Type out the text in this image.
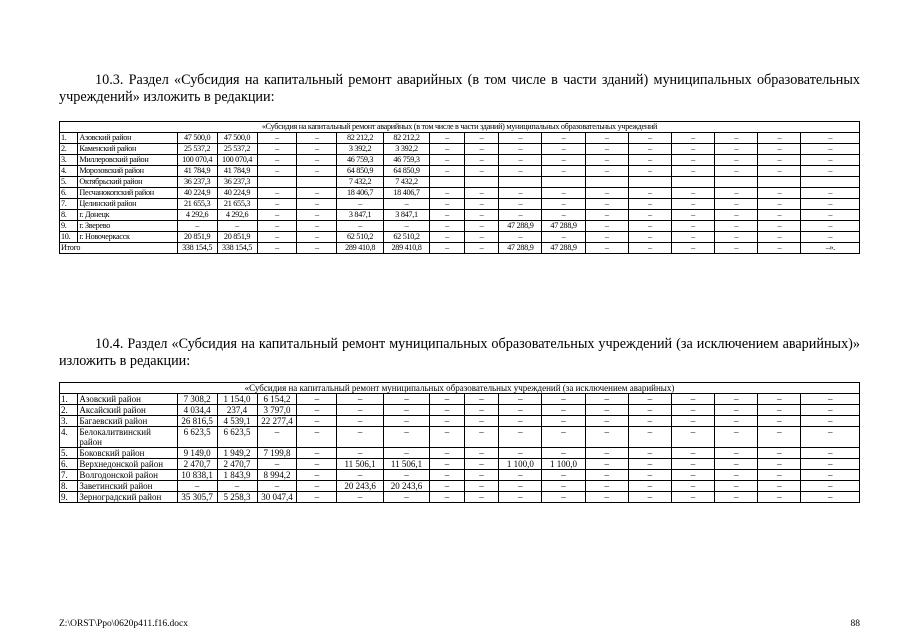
10.3. Раздел «Субсидия на капитальный ремонт аварийных (в том числе в части зданий) муниципальных образовательных учреждений» изложить в редакции:

«Субсидия на капитальный ремонт аварийных (в том числе в части зданий) муниципальных образовательных учреждений																	
1.	Азовский район	47 500,0	47 500,0	–	–	82 212,2	82 212,2	–	–	–	–	–	–	–	–	–	–
2.	Каменский район	25 537,2	25 537,2	–	–	3 392,2	3 392,2	–	–	–	–	–	–	–	–	–	–
3.	Миллеровский район	100 070,4	100 070,4	–	–	46 759,3	46 759,3	–	–	–	–	–	–	–	–	–	–
4.	Морозовский район	41 784,9	41 784,9	–	–	64 850,9	64 850,9	–	–	–	–	–	–	–	–	–	–
5.	Октябрьский район	36 237,3	36 237,3			7 432,2	7 432,2										
6.	Песчанокопский район	40 224,9	40 224,9	–	–	18 406,7	18 406,7	–	–	–	–	–	–	–	–	–	–
7.	Целинский район	21 655,3	21 655,3	–	–	–	–	–	–	–	–	–	–	–	–	–	–
8.	г. Донецк	4 292,6	4 292,6	–	–	3 847,1	3 847,1	–	–	–	–	–	–	–	–	–	–
9.	г. Зверево	–	–	–	–	–	–	–	–	47 288,9	47 288,9	–	–	–	–	–	–
10.	г. Новочеркасск	20 851,9	20 851,9	–	–	62 510,2	62 510,2	–	–	–	–	–	–	–	–	–	–
Итого		338 154,5	338 154,5	–	–	289 410,8	289 410,8	–	–	47 288,9	47 288,9	–	–	–	–	–	–».

10.4. Раздел «Субсидия на капитальный ремонт муниципальных образовательных учреждений (за исключением аварийных)» изложить в редакции:

«Субсидия на капитальный ремонт муниципальных образовательных учреждений (за исключением аварийных)																	
1.	Азовский район	7 308,2	1 154,0	6 154,2	–	–	–	–	–	–	–	–	–	–	–	–	–
2.	Аксайский район	4 034,4	237,4	3 797,0	–	–	–	–	–	–	–	–	–	–	–	–	–
3.	Багаевский район	26 816,5	4 539,1	22 277,4	–	–	–	–	–	–	–	–	–	–	–	–	–
4.	Белокалитвинский район	6 623,5	6 623,5	–	–	–	–	–	–	–	–	–	–	–	–	–	–
5.	Боковский район	9 149,0	1 949,2	7 199,8	–	–	–	–	–	–	–	–	–	–	–	–	–
6.	Верхнедонской район	2 470,7	2 470,7	–	–	11 506,1	11 506,1	–	–	1 100,0	1 100,0	–	–	–	–	–	–
7.	Волгодонской район	10 838,1	1 843,9	8 994,2	–	–	–	–	–	–	–	–	–	–	–	–	–
8.	Заветинский район	–	–	–	–	20 243,6	20 243,6	–	–	–	–	–	–	–	–	–	–
9.	Зерноградский район	35 305,7	5 258,3	30 047,4	–	–	–	–	–	–	–	–	–	–	–	–	–
Z:\ORST\Ppo\0620p411.f16.docx	88
